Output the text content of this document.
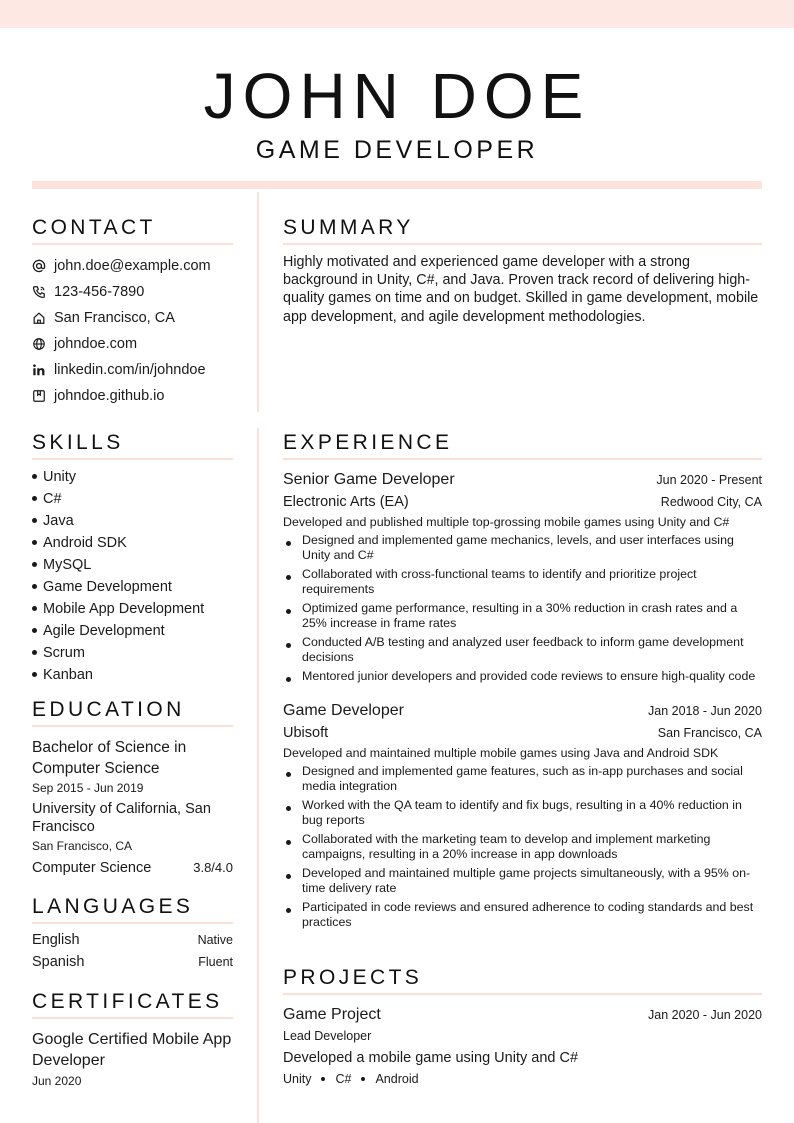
JOHN DOE
GAME DEVELOPER
CONTACT
john.doe@example.com
123-456-7890
San Francisco, CA
johndoe.com
linkedin.com/in/johndoe
johndoe.github.io
SUMMARY

Highly motivated and experienced game developer with a strong background in Unity, C#, and Java. Proven track record of delivering high-quality games on time and on budget. Skilled in game development, mobile app development, and agile development methodologies.

SKILLS
Unity
C#
Java
Android SDK
MySQL
Game Development
Mobile App Development
Agile Development
Scrum
Kanban
EDUCATION
Bachelor of Science in Computer Science
Sep 2015 - Jun 2019
University of California, San Francisco
San Francisco, CA
Computer Science	3.8/4.0
LANGUAGES
English	Native
Spanish	Fluent
CERTIFICATES
Google Certified Mobile App Developer
Jun 2020
EXPERIENCE
Senior Game Developer	Jun 2020 - Present
Electronic Arts (EA)	Redwood City, CA
Developed and published multiple top-grossing mobile games using Unity and C#
Designed and implemented game mechanics, levels, and user interfaces using Unity and C#
Collaborated with cross-functional teams to identify and prioritize project requirements
Optimized game performance, resulting in a 30% reduction in crash rates and a 25% increase in frame rates
Conducted A/B testing and analyzed user feedback to inform game development decisions
Mentored junior developers and provided code reviews to ensure high-quality code
Game Developer	Jan 2018 - Jun 2020
Ubisoft	San Francisco, CA
Developed and maintained multiple mobile games using Java and Android SDK
Designed and implemented game features, such as in-app purchases and social media integration
Worked with the QA team to identify and fix bugs, resulting in a 40% reduction in bug reports
Collaborated with the marketing team to develop and implement marketing campaigns, resulting in a 20% increase in app downloads
Developed and maintained multiple game projects simultaneously, with a 95% on-time delivery rate
Participated in code reviews and ensured adherence to coding standards and best practices
PROJECTS
Game Project	Jan 2020 - Jun 2020
Lead Developer
Developed a mobile game using Unity and C#
Unity C# Android
